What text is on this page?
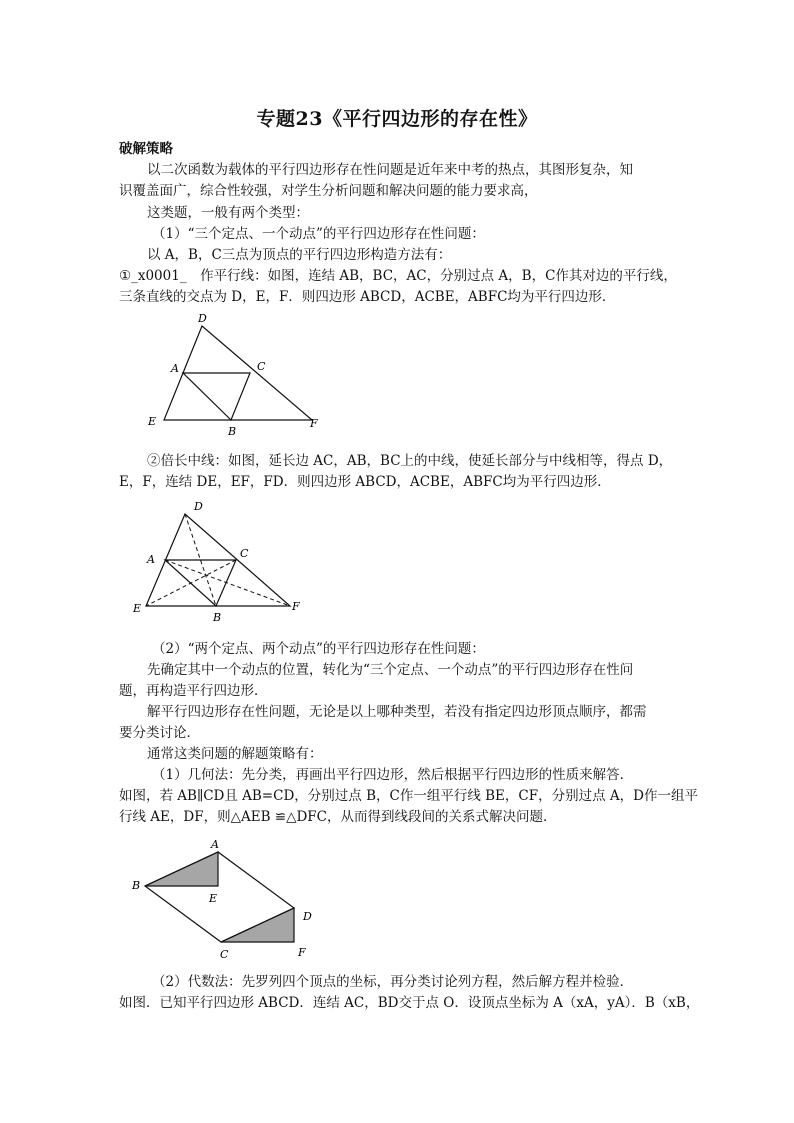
专题23《平行四边形的存在性》
破解策略
以二次函数为载体的平行四边形存在性问题是近年来中考的热点，其图形复杂，知
识覆盖面广，综合性较强，对学生分析问题和解决问题的能力要求高，
这类题，一般有两个类型：
（1）“三个定点、一个动点”的平行四边形存在性问题：
以 A，B，C三点为顶点的平行四边形构造方法有：
①_x0001_　作平行线：如图，连结 AB，BC，AC，分别过点 A，B，C作其对边的平行线，
三条直线的交点为 D，E，F．则四边形 ABCD，ACBE，ABFC均为平行四边形．
D
A	C
E
B
F
②倍长中线：如图，延长边 AC，AB，BC上的中线，使延长部分与中线相等，得点 D，
E，F，连结 DE，EF，FD．则四边形 ABCD，ACBE，ABFC均为平行四边形．
D
A	C
E
B
F
（2）“两个定点、两个动点”的平行四边形存在性问题：
先确定其中一个动点的位置，转化为“三个定点、一个动点”的平行四边形存在性问
题，再构造平行四边形．
解平行四边形存在性问题，无论是以上哪种类型，若没有指定四边形顶点顺序，都需
要分类讨论．
通常这类问题的解题策略有：
（1）几何法：先分类，再画出平行四边形，然后根据平行四边形的性质来解答．
如图，若 AB∥CD且 AB=CD，分别过点 B，C作一组平行线 BE，CF，分别过点 A，D作一组平
行线 AE，DF，则△AEB ≌△DFC，从而得到线段间的关系式解决问题．
A
B
E
D
C	F
（2）代数法：先罗列四个顶点的坐标，再分类讨论列方程，然后解方程并检验．
如图．已知平行四边形 ABCD．连结 AC，BD交于点 O．设顶点坐标为 A（xA，yA）．B（xB，
